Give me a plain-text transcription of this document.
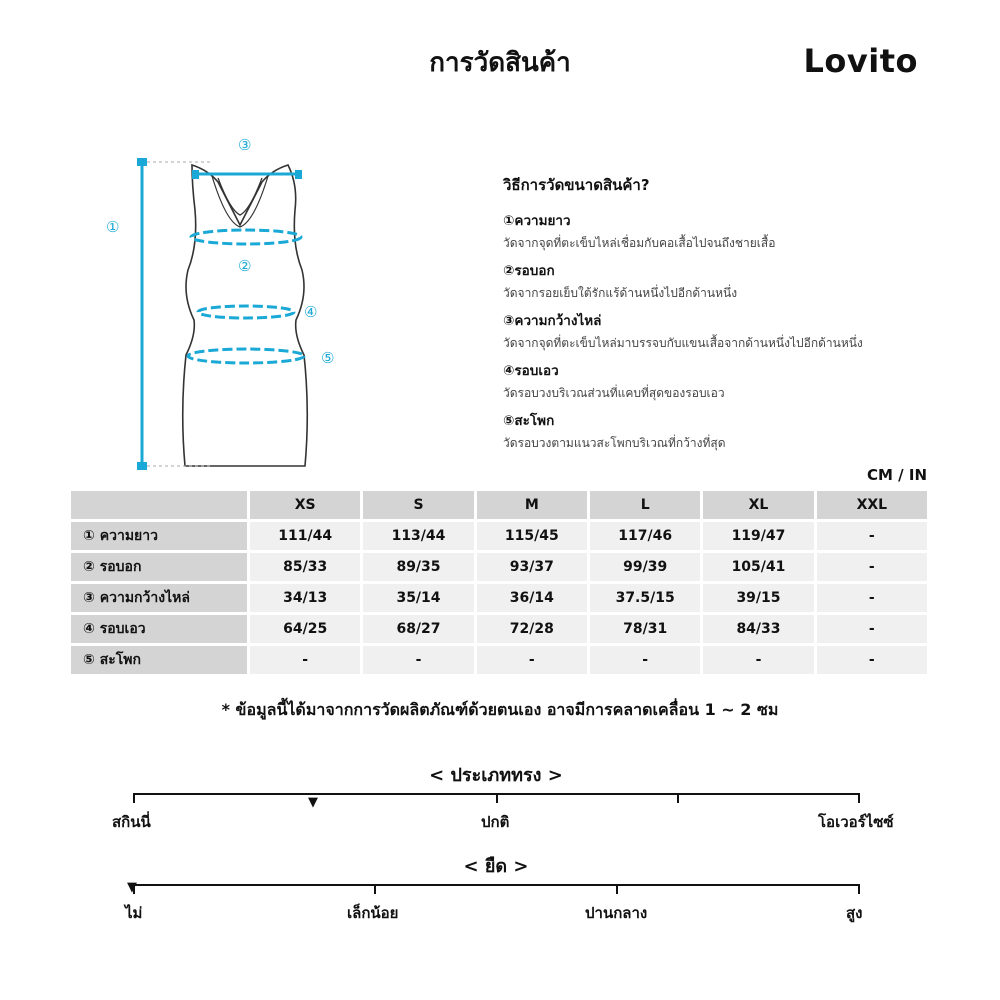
การวัดสินค้า	Lovito
①
②
③
④
⑤
วิธีการวัดขนาดสินค้า?
①ความยาว
วัดจากจุดที่ตะเข็บไหล่เชื่อมกับคอเสื้อไปจนถึงชายเสื้อ
②รอบอก
วัดจากรอยเย็บใต้รักแร้ด้านหนึ่งไปอีกด้านหนึ่ง
③ความกว้างไหล่
วัดจากจุดที่ตะเข็บไหล่มาบรรจบกับแขนเสื้อจากด้านหนึ่งไปอีกด้านหนึ่ง
④รอบเอว
วัดรอบวงบริเวณส่วนที่แคบที่สุดของรอบเอว
⑤สะโพก
วัดรอบวงตามแนวสะโพกบริเวณที่กว้างที่สุด
CM / IN
	XS	S	M	L	XL	XXL
① ความยาว	111/44	113/44	115/45	117/46	119/47	-
② รอบอก	85/33	89/35	93/37	99/39	105/41	-
③ ความกว้างไหล่	34/13	35/14	36/14	37.5/15	39/15	-
④ รอบเอว	64/25	68/27	72/28	78/31	84/33	-
⑤ สะโพก	-	-	-	-	-	-
* ข้อมูลนี้ได้มาจากการวัดผลิตภัณฑ์ด้วยตนเอง อาจมีการคลาดเคลื่อน 1 ~ 2 ซม
< ประเภททรง >
▼
สกินนี่	ปกติ	โอเวอร์ไซซ์
< ยืด >
▼
ไม่	เล็กน้อย	ปานกลาง	สูง
